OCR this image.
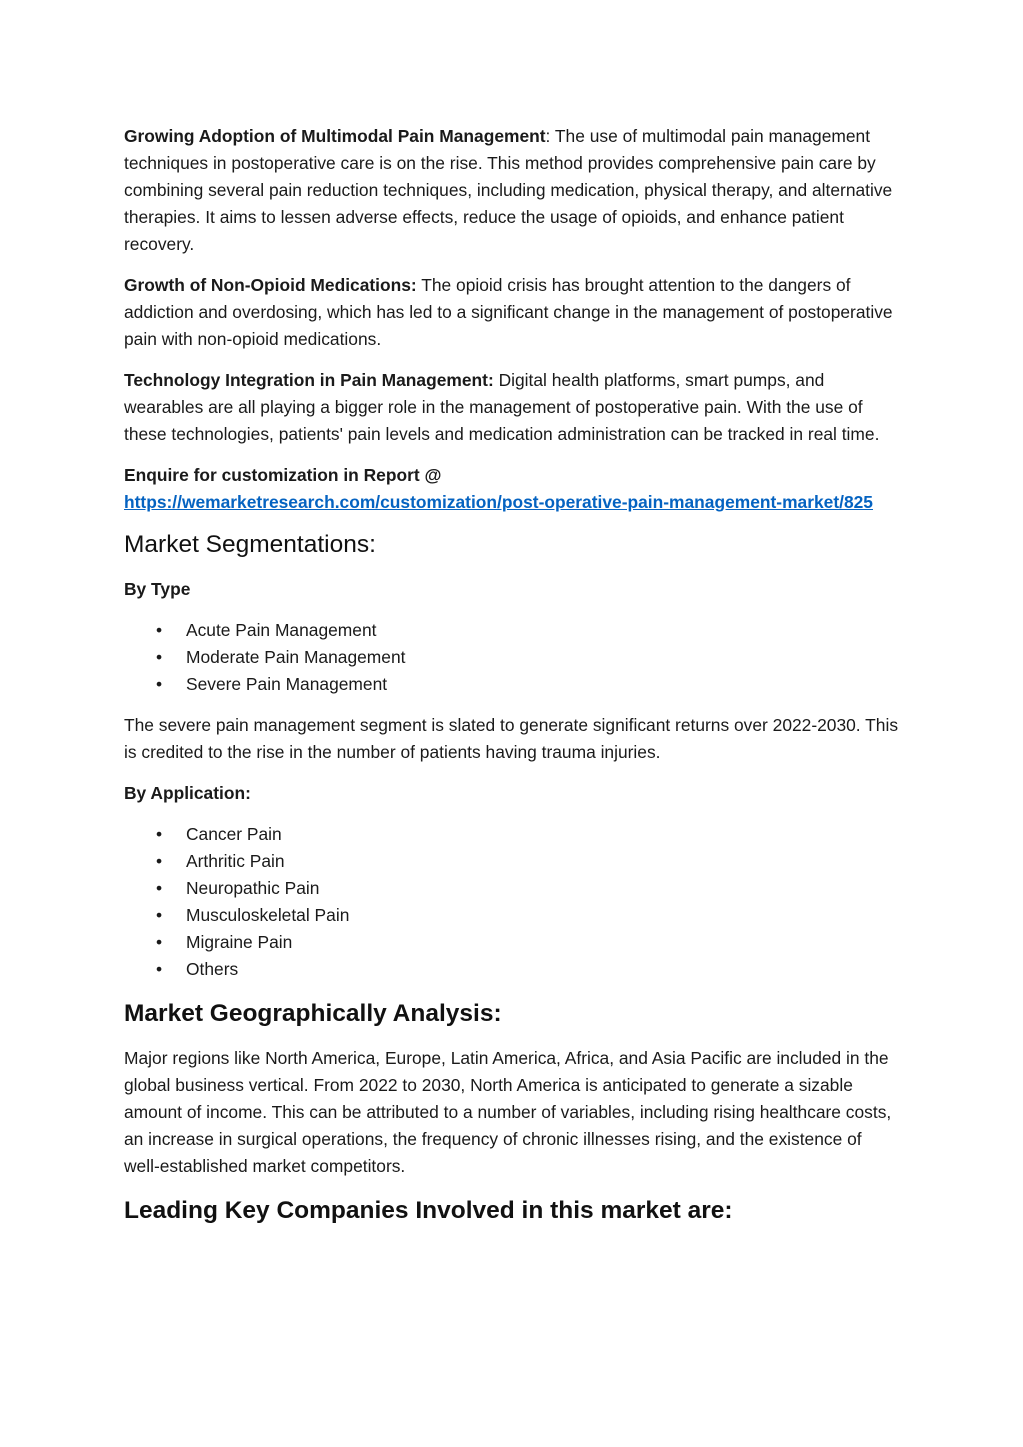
Growing Adoption of Multimodal Pain Management: The use of multimodal pain management techniques in postoperative care is on the rise. This method provides comprehensive pain care by combining several pain reduction techniques, including medication, physical therapy, and alternative therapies. It aims to lessen adverse effects, reduce the usage of opioids, and enhance patient recovery.

Growth of Non-Opioid Medications: The opioid crisis has brought attention to the dangers of addiction and overdosing, which has led to a significant change in the management of postoperative pain with non-opioid medications.

Technology Integration in Pain Management: Digital health platforms, smart pumps, and wearables are all playing a bigger role in the management of postoperative pain. With the use of these technologies, patients' pain levels and medication administration can be tracked in real time.

Enquire for customization in Report @
https://wemarketresearch.com/customization/post-operative-pain-management-market/825

Market Segmentations:

By Type

• Acute Pain Management
• Moderate Pain Management
• Severe Pain Management

The severe pain management segment is slated to generate significant returns over 2022-2030. This is credited to the rise in the number of patients having trauma injuries.

By Application:

• Cancer Pain
• Arthritic Pain
• Neuropathic Pain
• Musculoskeletal Pain
• Migraine Pain
• Others
Market Geographically Analysis:

Major regions like North America, Europe, Latin America, Africa, and Asia Pacific are included in the global business vertical. From 2022 to 2030, North America is anticipated to generate a sizable amount of income. This can be attributed to a number of variables, including rising healthcare costs, an increase in surgical operations, the frequency of chronic illnesses rising, and the existence of well-established market competitors.

Leading Key Companies Involved in this market are:
